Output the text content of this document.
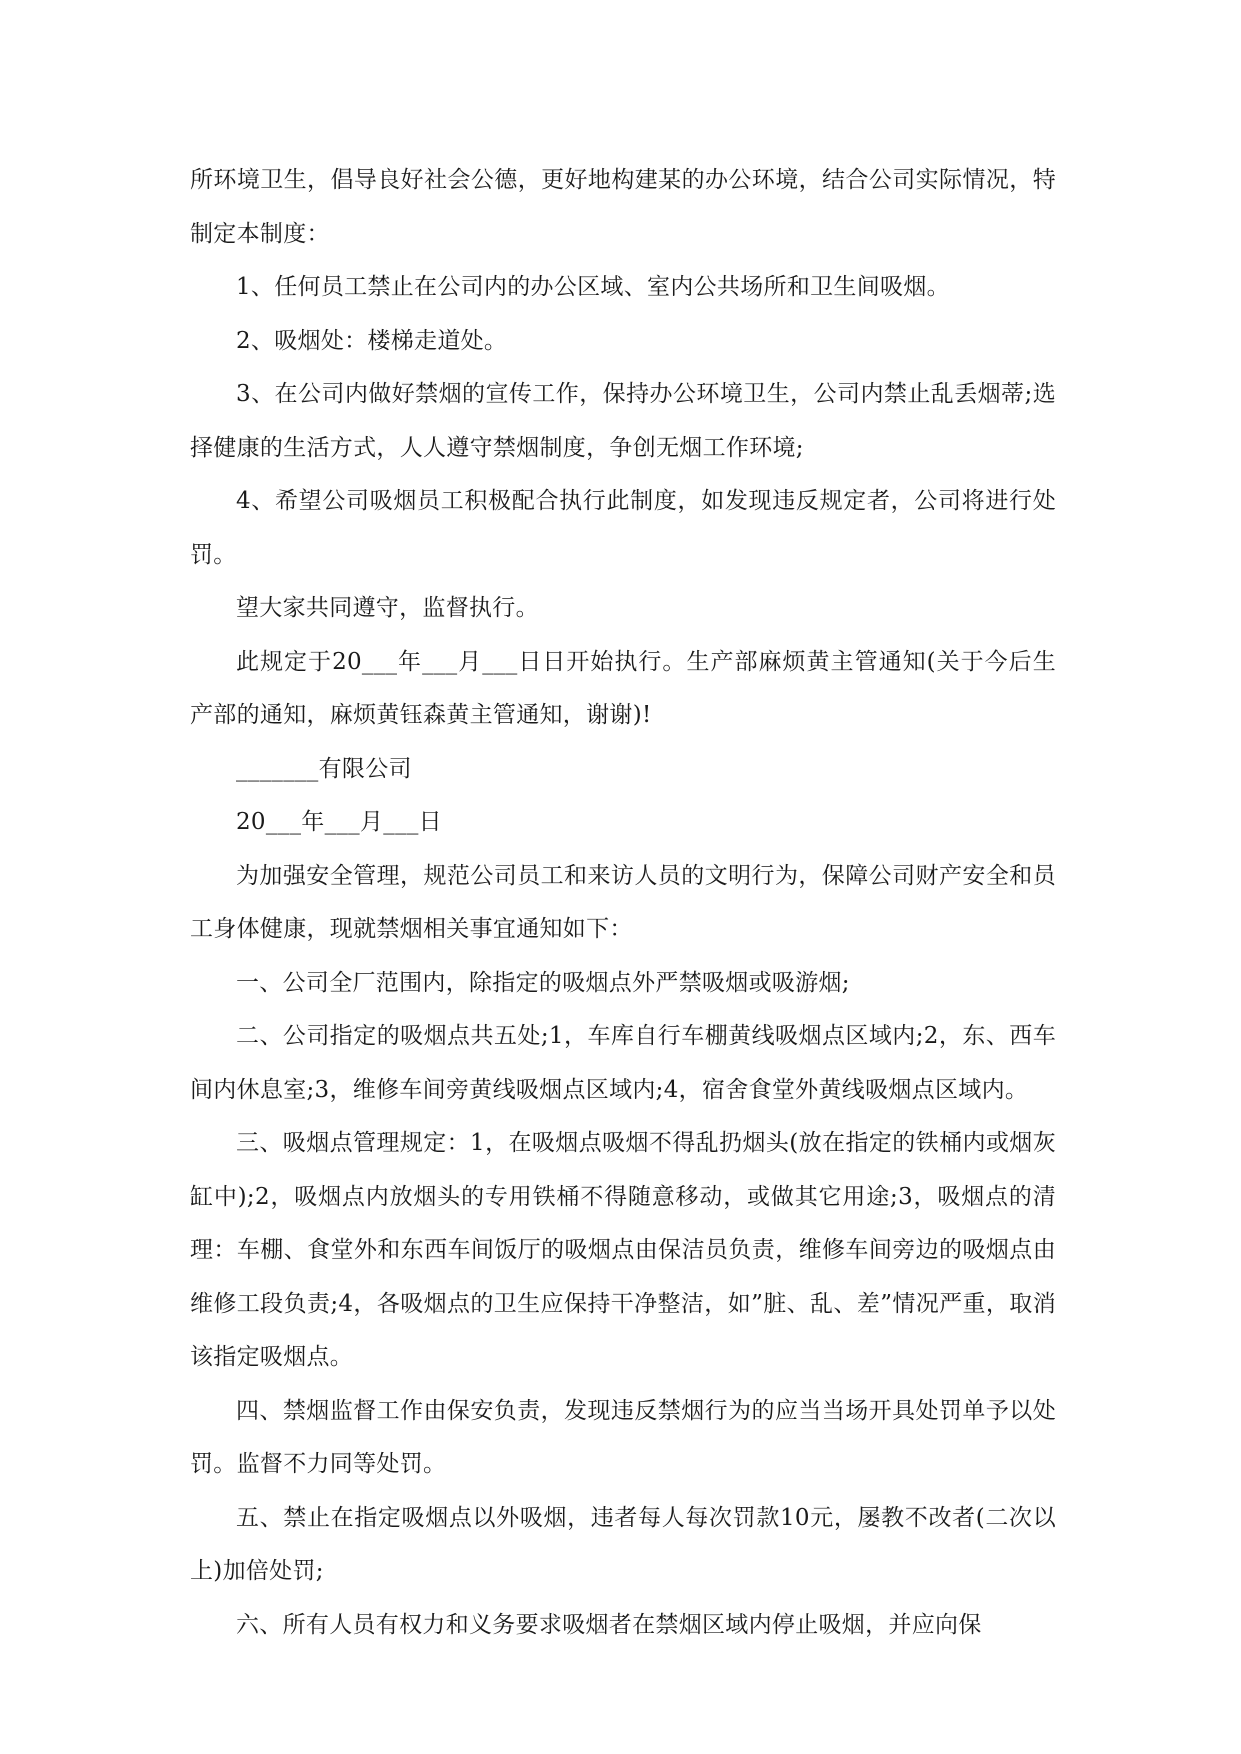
所环境卫生，倡导良好社会公德，更好地构建某的办公环境，结合公司实际情况，特制定本制度：

1、任何员工禁止在公司内的办公区域、室内公共场所和卫生间吸烟。

2、吸烟处：楼梯走道处。

3、在公司内做好禁烟的宣传工作，保持办公环境卫生，公司内禁止乱丢烟蒂;选择健康的生活方式，人人遵守禁烟制度，争创无烟工作环境;

4、希望公司吸烟员工积极配合执行此制度，如发现违反规定者，公司将进行处罚。

望大家共同遵守，监督执行。

此规定于20___年___月___日日开始执行。生产部麻烦黄主管通知(关于今后生产部的通知，麻烦黄钰森黄主管通知，谢谢)!

_______有限公司

20___年___月___日

为加强安全管理，规范公司员工和来访人员的文明行为，保障公司财产安全和员工身体健康，现就禁烟相关事宜通知如下：

一、公司全厂范围内，除指定的吸烟点外严禁吸烟或吸游烟;

二、公司指定的吸烟点共五处;1，车库自行车棚黄线吸烟点区域内;2，东、西车间内休息室;3，维修车间旁黄线吸烟点区域内;4，宿舍食堂外黄线吸烟点区域内。

三、吸烟点管理规定：1，在吸烟点吸烟不得乱扔烟头(放在指定的铁桶内或烟灰缸中);2，吸烟点内放烟头的专用铁桶不得随意移动，或做其它用途;3，吸烟点的清理：车棚、食堂外和东西车间饭厅的吸烟点由保洁员负责，维修车间旁边的吸烟点由维修工段负责;4，各吸烟点的卫生应保持干净整洁，如”脏、乱、差”情况严重，取消该指定吸烟点。

四、禁烟监督工作由保安负责，发现违反禁烟行为的应当当场开具处罚单予以处罚。监督不力同等处罚。

五、禁止在指定吸烟点以外吸烟，违者每人每次罚款10元，屡教不改者(二次以上)加倍处罚;

六、所有人员有权力和义务要求吸烟者在禁烟区域内停止吸烟，并应向保
